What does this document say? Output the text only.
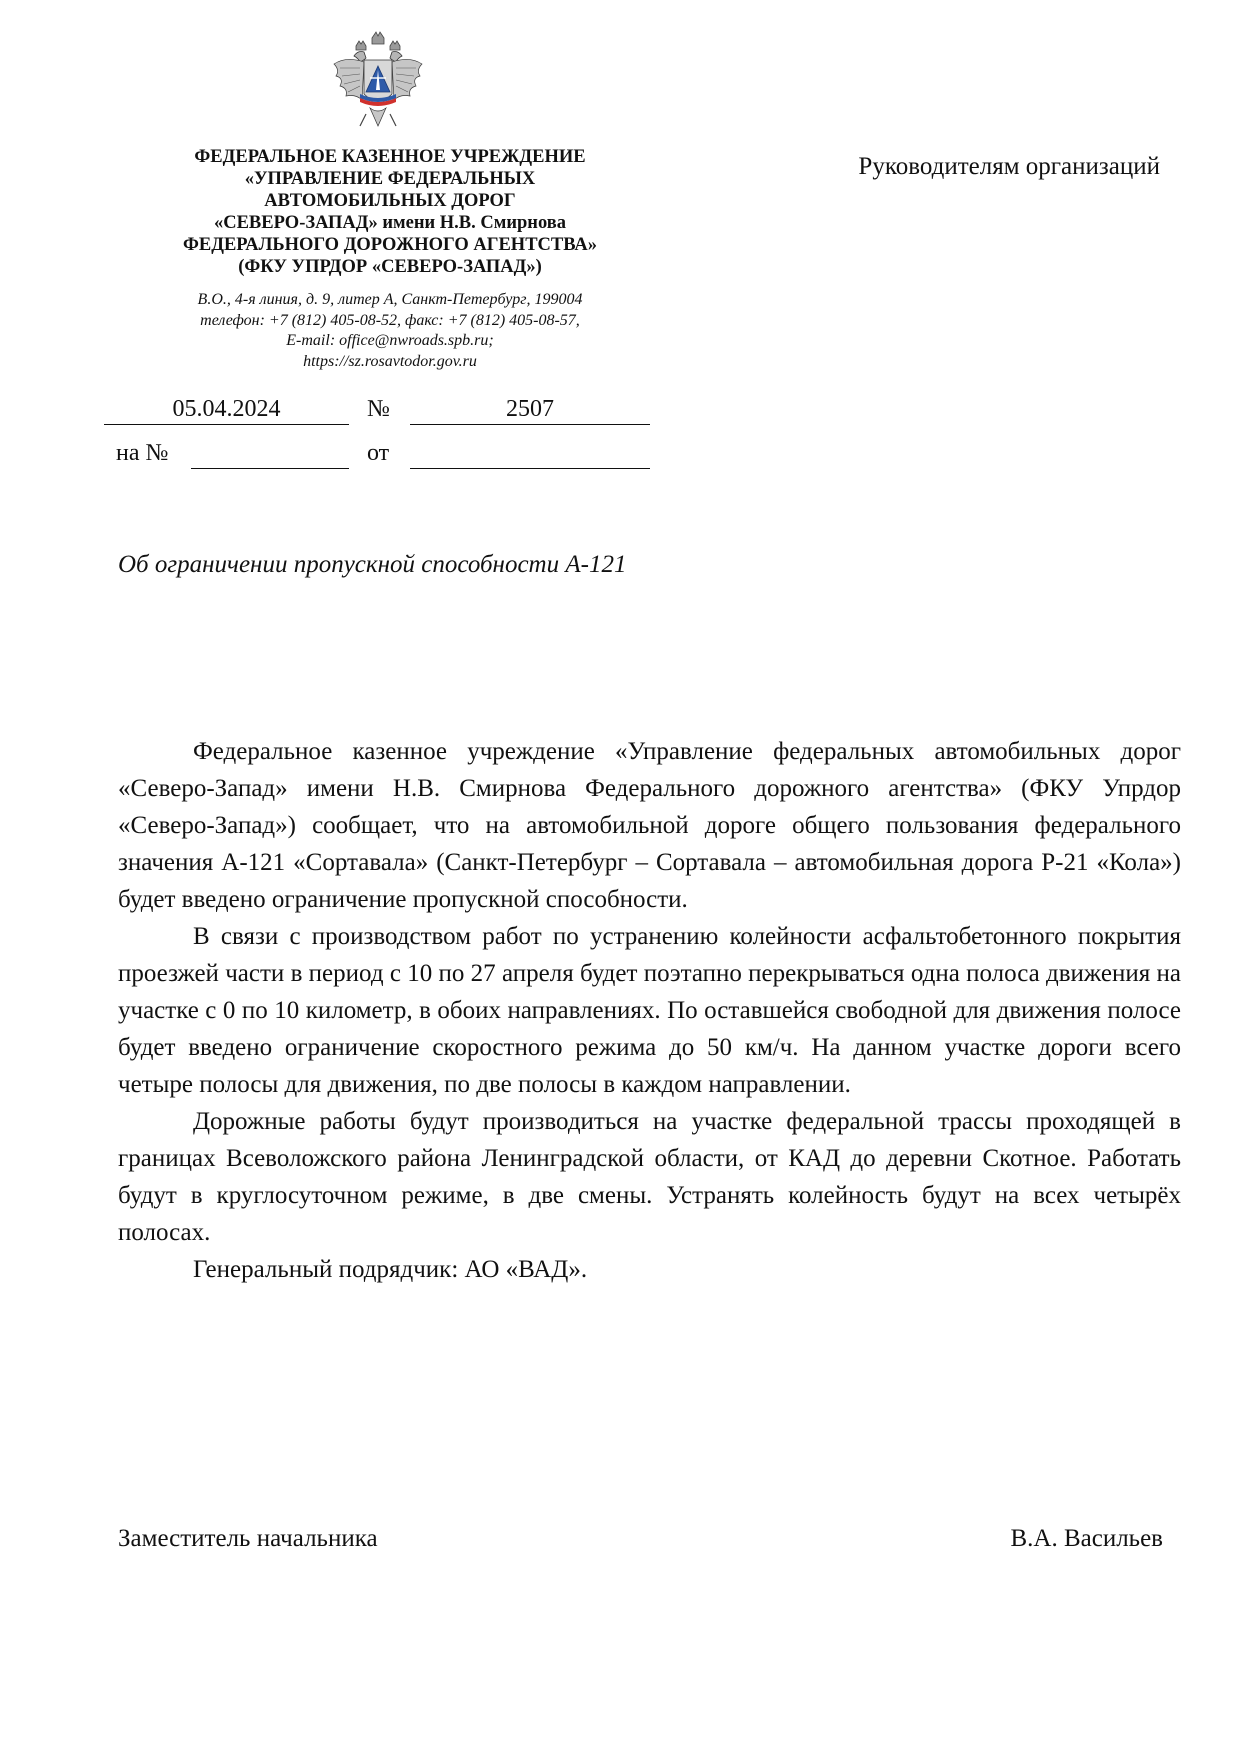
ФЕДЕРАЛЬНОЕ КАЗЕННОЕ УЧРЕЖДЕНИЕ
«УПРАВЛЕНИЕ ФЕДЕРАЛЬНЫХ
АВТОМОБИЛЬНЫХ ДОРОГ
«СЕВЕРО-ЗАПАД» имени Н.В. Смирнова
ФЕДЕРАЛЬНОГО ДОРОЖНОГО АГЕНТСТВА»
(ФКУ УПРДОР «СЕВЕРО-ЗАПАД»)
В.О., 4-я линия, д. 9, литер А, Санкт-Петербург, 199004
телефон: +7 (812) 405-08-52, факс: +7 (812) 405-08-57,
E-mail: office@nwroads.spb.ru;
https://sz.rosavtodor.gov.ru
Руководителям организаций
05.04.2024	№	2507
на №	от
Об ограничении пропускной способности А-121

Федеральное казенное учреждение «Управление федеральных автомобильных дорог «Северо-Запад» имени Н.В. Смирнова Федерального дорожного агентства» (ФКУ Упрдор «Северо-Запад») сообщает, что на автомобильной дороге общего пользования федерального значения А-121 «Сортавала» (Санкт-Петербург – Сортавала – автомобильная дорога Р-21 «Кола») будет введено ограничение пропускной способности.

В связи с производством работ по устранению колейности асфальтобетонного покрытия проезжей части в период с 10 по 27 апреля будет поэтапно перекрываться одна полоса движения на участке с 0 по 10 километр, в обоих направлениях. По оставшейся свободной для движения полосе будет введено ограничение скоростного режима до 50 км/ч. На данном участке дороги всего четыре полосы для движения, по две полосы в каждом направлении.

Дорожные работы будут производиться на участке федеральной трассы проходящей в границах Всеволожского района Ленинградской области, от КАД до деревни Скотное. Работать будут в круглосуточном режиме, в две смены. Устранять колейность будут на всех четырёх полосах.

Генеральный подрядчик: АО «ВАД».

Заместитель начальника	В.А. Васильев
